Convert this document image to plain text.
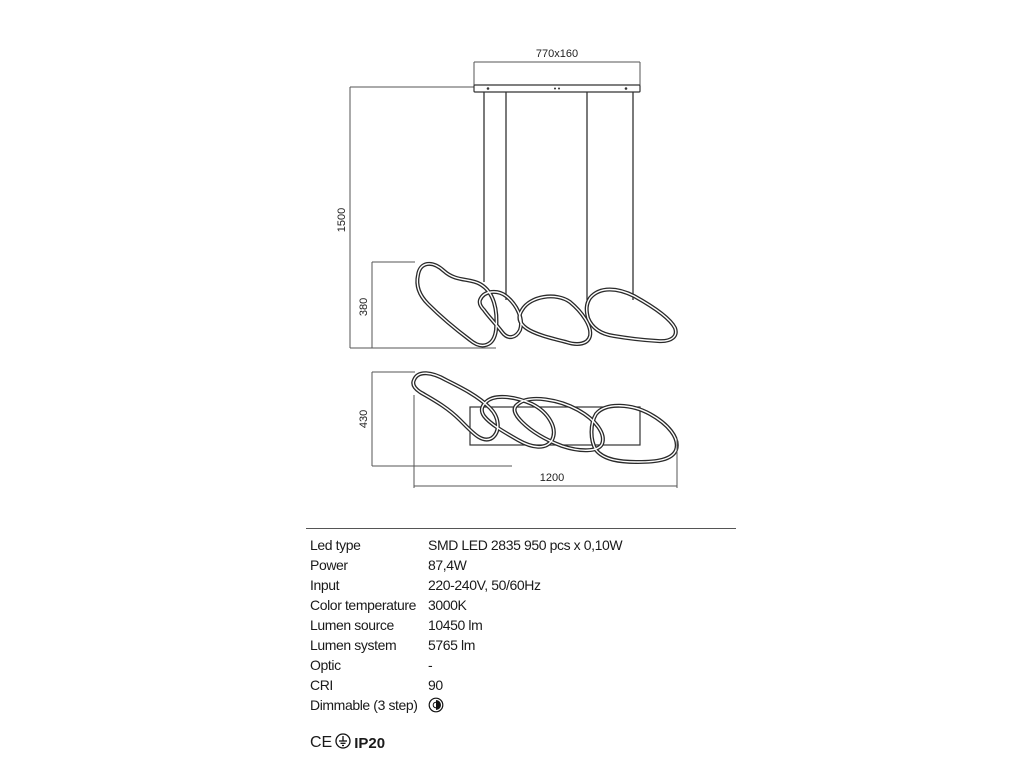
770x160
1500
380
430
1200
Led type	SMD LED 2835 950 pcs x 0,10W
Power	87,4W
Input	220-240V, 50/60Hz
Color temperature	3000K
Lumen source	10450 lm
Lumen system	5765 lm
Optic	-
CRI	90
Dimmable (3 step)	
CE IP20
